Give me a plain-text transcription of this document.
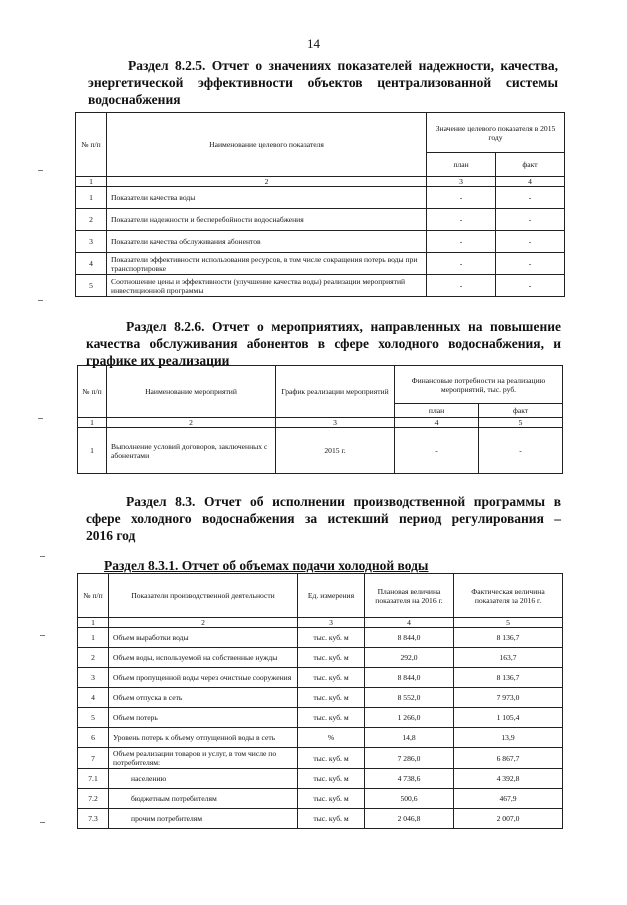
14
Раздел 8.2.5. Отчет о значениях показателей надежности, качества,
энергетической эффективности объектов централизованной системы
водоснабжения
№ п/п	Наименование целевого показателя	Значение целевого показателя в 2015 году	
		план	факт
1	2	3	4
1	Показатели качества воды	-	-
2	Показатели надежности и бесперебойности водоснабжения	-	-
3	Показатели качества обслуживания абонентов	-	-
4	Показатели эффективности использования ресурсов, в том числе сокращения потерь воды при транспортировке	-	-
5	Соотношение цены и эффективности (улучшение качества воды) реализации мероприятий инвестиционной программы	-	-
Раздел 8.2.6. Отчет о мероприятиях, направленных на повышение
качества обслуживания абонентов в сфере холодного водоснабжения, и
графике их реализации
№ п/п	Наименование мероприятий	График реализации мероприятий	Финансовые потребности на реализацию мероприятий, тыс. руб.	
			план	факт
1	2	3	4	5
1	Выполнение условий договоров, заключенных с абонентами	2015 г.	-	-
Раздел 8.3. Отчет об исполнении производственной программы в
сфере холодного водоснабжения за истекший период регулирования –
2016 год
Раздел 8.3.1. Отчет об объемах подачи холодной воды
№ п/п	Показатели производственной деятельности	Ед. измерения	Плановая величина показателя на 2016 г.	Фактическая величина показателя за 2016 г.
1	2	3	4	5
1	Объем выработки воды	тыс. куб. м	8 844,0	8 136,7
2	Объем воды, используемой на собственные нужды	тыс. куб. м	292,0	163,7
3	Объем пропущенной воды через очистные сооружения	тыс. куб. м	8 844,0	8 136,7
4	Объем отпуска в сеть	тыс. куб. м	8 552,0	7 973,0
5	Объем потерь	тыс. куб. м	1 266,0	1 105,4
6	Уровень потерь к объему отпущенной воды в сеть	%	14,8	13,9
7	Объем реализации товаров и услуг, в том числе по потребителям:	тыс. куб. м	7 286,0	6 867,7
7.1	населению	тыс. куб. м	4 738,6	4 392,8
7.2	бюджетным потребителям	тыс. куб. м	500,6	467,9
7.3	прочим потребителям	тыс. куб. м	2 046,8	2 007,0
